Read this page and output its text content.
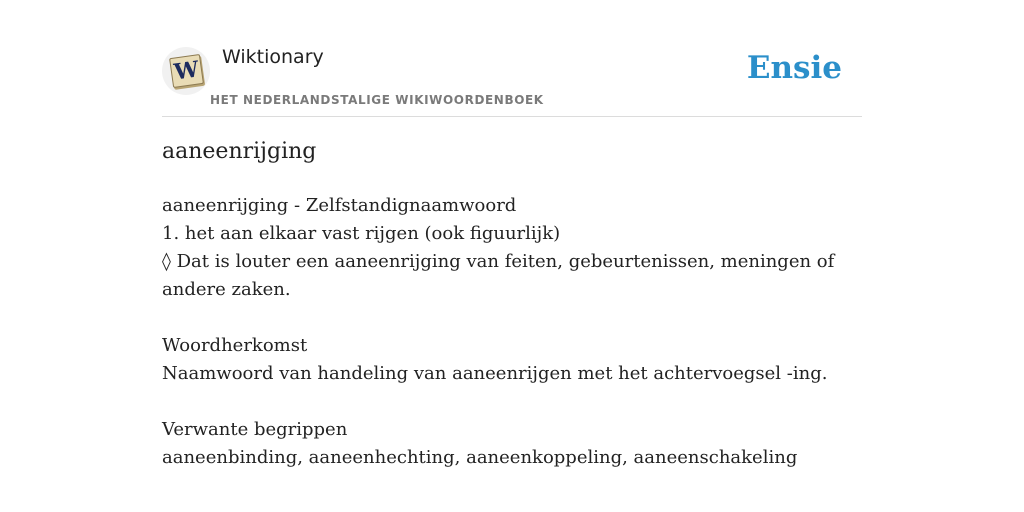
W Wiktionary
HET NEDERLANDSTALIGE WIKIWOORDENBOEK
Ensie
aaneenrijging
aaneenrijging - Zelfstandignaamwoord
1. het aan elkaar vast rijgen (ook figuurlijk)
◊ Dat is louter een aaneenrijging van feiten, gebeurtenissen, meningen of andere zaken.
Woordherkomst
Naamwoord van handeling van aaneenrijgen met het achtervoegsel -ing.
Verwante begrippen
aaneenbinding, aaneenhechting, aaneenkoppeling, aaneenschakeling
